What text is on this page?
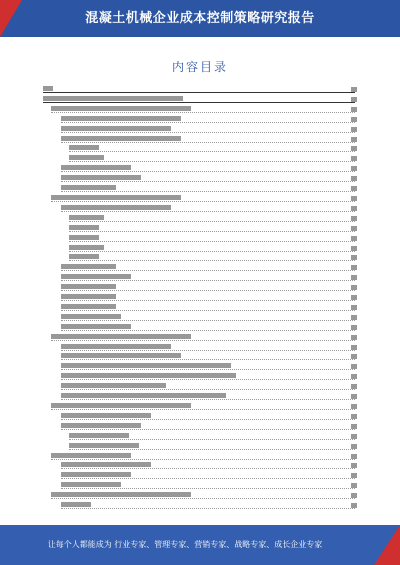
混凝土机械企业成本控制策略研究报告
内容目录
让每个人都能成为 行业专家、管理专家、营销专家、战略专家、成长企业专家
